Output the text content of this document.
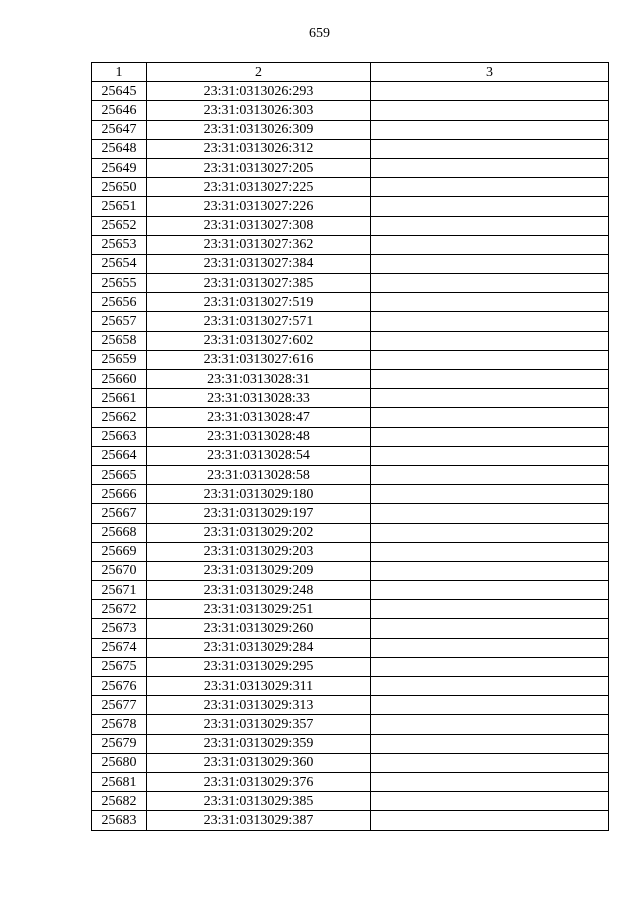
659
1	2	3
25645	23:31:0313026:293	
25646	23:31:0313026:303	
25647	23:31:0313026:309	
25648	23:31:0313026:312	
25649	23:31:0313027:205	
25650	23:31:0313027:225	
25651	23:31:0313027:226	
25652	23:31:0313027:308	
25653	23:31:0313027:362	
25654	23:31:0313027:384	
25655	23:31:0313027:385	
25656	23:31:0313027:519	
25657	23:31:0313027:571	
25658	23:31:0313027:602	
25659	23:31:0313027:616	
25660	23:31:0313028:31	
25661	23:31:0313028:33	
25662	23:31:0313028:47	
25663	23:31:0313028:48	
25664	23:31:0313028:54	
25665	23:31:0313028:58	
25666	23:31:0313029:180	
25667	23:31:0313029:197	
25668	23:31:0313029:202	
25669	23:31:0313029:203	
25670	23:31:0313029:209	
25671	23:31:0313029:248	
25672	23:31:0313029:251	
25673	23:31:0313029:260	
25674	23:31:0313029:284	
25675	23:31:0313029:295	
25676	23:31:0313029:311	
25677	23:31:0313029:313	
25678	23:31:0313029:357	
25679	23:31:0313029:359	
25680	23:31:0313029:360	
25681	23:31:0313029:376	
25682	23:31:0313029:385	
25683	23:31:0313029:387	
